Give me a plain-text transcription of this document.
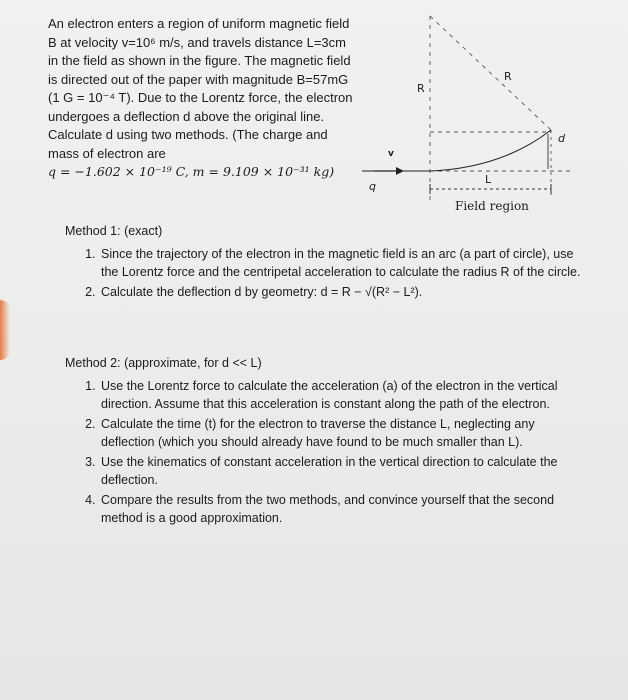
An electron enters a region of uniform magnetic field B at velocity v=10⁶ m/s, and travels distance L=3cm in the field as shown in the figure. The magnetic field is directed out of the paper with magnitude B=57mG (1 G = 10⁻⁴ T). Due to the Lorentz force, the electron undergoes a deflection d above the original line. Calculate d using two methods. (The charge and mass of electron are

q = −1.602 × 10⁻¹⁹ C, m = 9.109 × 10⁻³¹ kg)

R
R
d
L
q
v
Field region

Method 1: (exact)

1. Since the trajectory of the electron in the magnetic field is an arc (a part of circle), use the Lorentz force and the centripetal acceleration to calculate the radius R of the circle.
2. Calculate the deflection d by geometry: d = R − √(R² − L²).

Method 2: (approximate, for d << L)

1. Use the Lorentz force to calculate the acceleration (a) of the electron in the vertical direction. Assume that this acceleration is constant along the path of the electron.
2. Calculate the time (t) for the electron to traverse the distance L, neglecting any deflection (which you should already have found to be much smaller than L).
3. Use the kinematics of constant acceleration in the vertical direction to calculate the deflection.
4. Compare the results from the two methods, and convince yourself that the second method is a good approximation.
